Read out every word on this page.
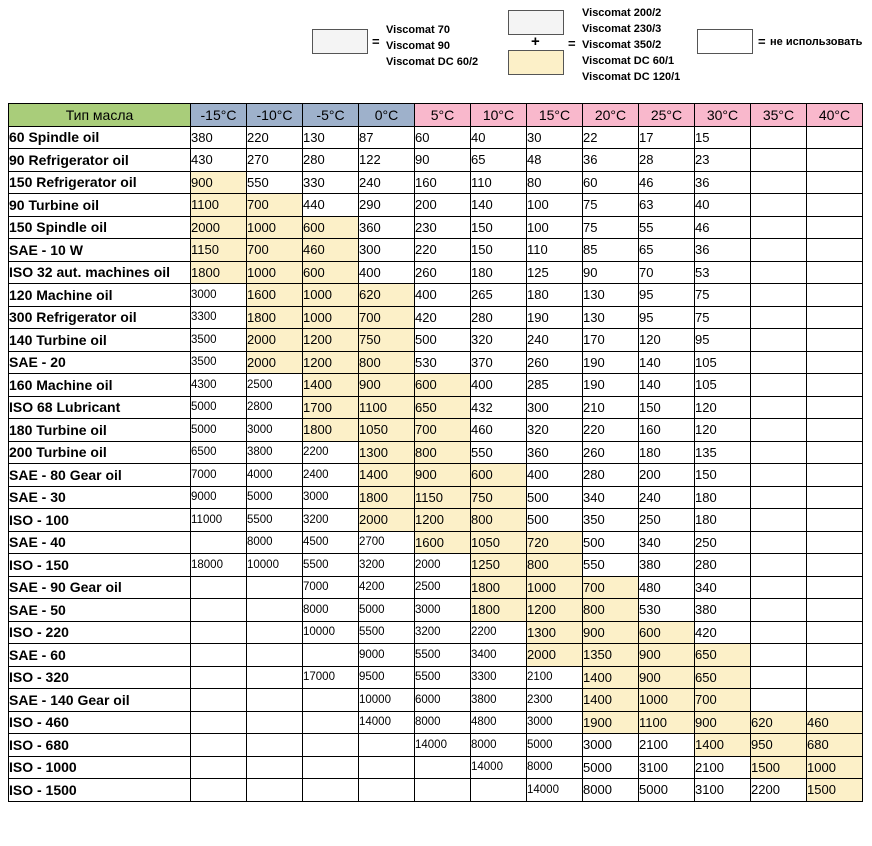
=
Viscomat 70
Viscomat 90
Viscomat DC 60/2
+ =
Viscomat 200/2
Viscomat 230/3
Viscomat 350/2
Viscomat DC 60/1
Viscomat DC 120/1
= не использовать
Тип масла	-15°C	-10°C	-5°C	0°C	5°C	10°C	15°C	20°C	25°C	30°C	35°C	40°C
60 Spindle oil	380	220	130	87	60	40	30	22	17	15		
90 Refrigerator oil	430	270	280	122	90	65	48	36	28	23		
150 Refrigerator oil	900	550	330	240	160	110	80	60	46	36		
90 Turbine oil	1100	700	440	290	200	140	100	75	63	40		
150 Spindle oil	2000	1000	600	360	230	150	100	75	55	46		
SAE - 10 W	1150	700	460	300	220	150	110	85	65	36		
ISO 32 aut. machines oil	1800	1000	600	400	260	180	125	90	70	53		
120 Machine oil	3000	1600	1000	620	400	265	180	130	95	75		
300 Refrigerator oil	3300	1800	1000	700	420	280	190	130	95	75		
140 Turbine oil	3500	2000	1200	750	500	320	240	170	120	95		
SAE - 20	3500	2000	1200	800	530	370	260	190	140	105		
160 Machine oil	4300	2500	1400	900	600	400	285	190	140	105		
ISO 68 Lubricant	5000	2800	1700	1100	650	432	300	210	150	120		
180 Turbine oil	5000	3000	1800	1050	700	460	320	220	160	120		
200 Turbine oil	6500	3800	2200	1300	800	550	360	260	180	135		
SAE - 80 Gear oil	7000	4000	2400	1400	900	600	400	280	200	150		
SAE - 30	9000	5000	3000	1800	1150	750	500	340	240	180		
ISO - 100	11000	5500	3200	2000	1200	800	500	350	250	180		
SAE - 40		8000	4500	2700	1600	1050	720	500	340	250		
ISO - 150	18000	10000	5500	3200	2000	1250	800	550	380	280		
SAE - 90 Gear oil			7000	4200	2500	1800	1000	700	480	340		
SAE - 50			8000	5000	3000	1800	1200	800	530	380		
ISO - 220			10000	5500	3200	2200	1300	900	600	420		
SAE - 60				9000	5500	3400	2000	1350	900	650		
ISO - 320			17000	9500	5500	3300	2100	1400	900	650		
SAE - 140 Gear oil				10000	6000	3800	2300	1400	1000	700		
ISO - 460				14000	8000	4800	3000	1900	1100	900	620	460
ISO - 680					14000	8000	5000	3000	2100	1400	950	680
ISO - 1000						14000	8000	5000	3100	2100	1500	1000
ISO - 1500							14000	8000	5000	3100	2200	1500
